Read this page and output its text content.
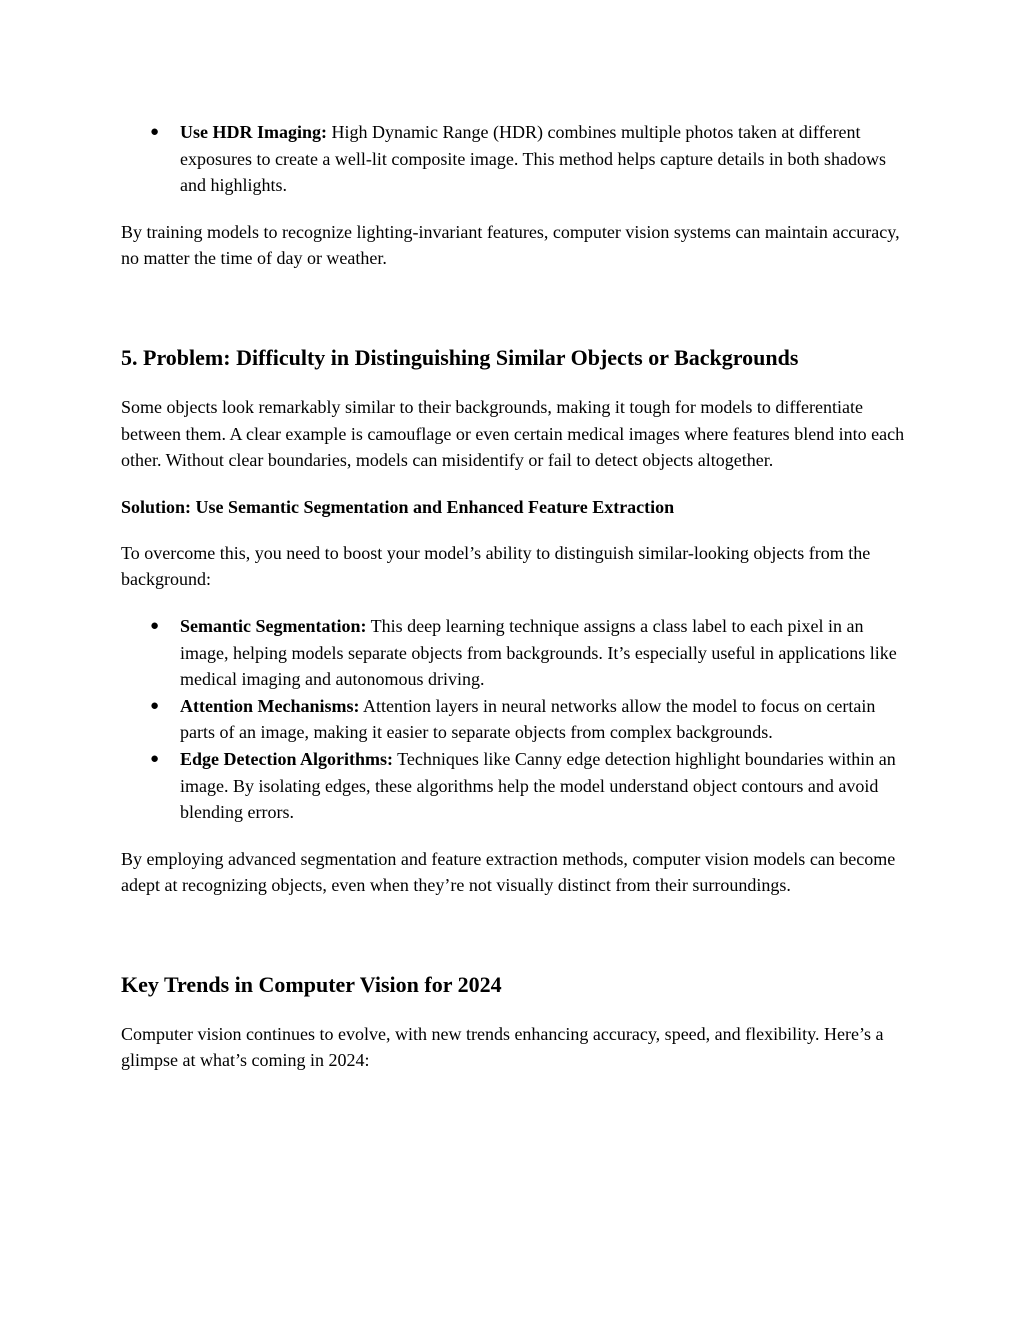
● Use HDR Imaging: High Dynamic Range (HDR) combines multiple photos taken at different exposures to create a well-lit composite image. This method helps capture details in both shadows and highlights.

By training models to recognize lighting-invariant features, computer vision systems can maintain accuracy, no matter the time of day or weather.

5. Problem: Difficulty in Distinguishing Similar Objects or Backgrounds

Some objects look remarkably similar to their backgrounds, making it tough for models to differentiate between them. A clear example is camouflage or even certain medical images where features blend into each other. Without clear boundaries, models can misidentify or fail to detect objects altogether.

Solution: Use Semantic Segmentation and Enhanced Feature Extraction

To overcome this, you need to boost your model’s ability to distinguish similar-looking objects from the background:

● Semantic Segmentation: This deep learning technique assigns a class label to each pixel in an image, helping models separate objects from backgrounds. It’s especially useful in applications like medical imaging and autonomous driving.
● Attention Mechanisms: Attention layers in neural networks allow the model to focus on certain parts of an image, making it easier to separate objects from complex backgrounds.
● Edge Detection Algorithms: Techniques like Canny edge detection highlight boundaries within an image. By isolating edges, these algorithms help the model understand object contours and avoid blending errors.

By employing advanced segmentation and feature extraction methods, computer vision models can become adept at recognizing objects, even when they’re not visually distinct from their surroundings.

Key Trends in Computer Vision for 2024

Computer vision continues to evolve, with new trends enhancing accuracy, speed, and flexibility. Here’s a glimpse at what’s coming in 2024:
